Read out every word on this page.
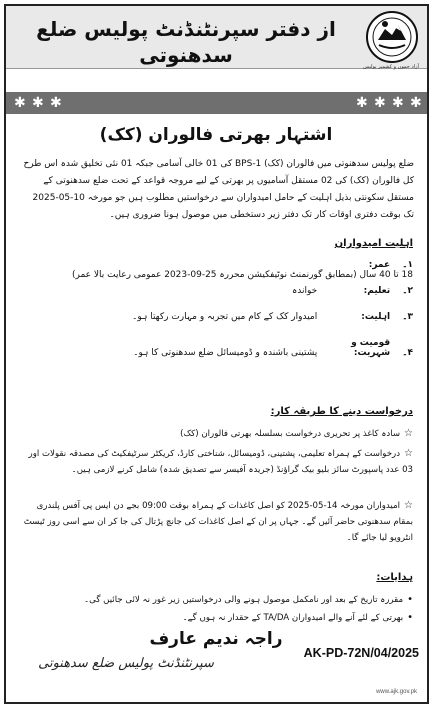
از دفتر سپرنٹنڈنٹ پولیس ضلع سدھنوتی	آزاد جموں و کشمیر پولیس
✱ ✱ ✱	✱ ✱ ✱ ✱
اشتہار بھرتی فالوران (کک)
ضلع پولیس سدھنوتی میں فالوران (کک) BPS-1 کی 01 خالی آسامی جبکہ 01 نئی تخلیق شدہ اس طرح کل فالوران (کک) کی 02 مستقل آسامیوں پر بھرتی کے لیے مروجہ قواعد کے تحت ضلع سدھنوتی کے مستقل سکونتی بذیل اہلیت کے حامل امیدواران سے درخواستیں مطلوب ہیں جو مورخہ 10-05-2025 تک بوقت دفتری اوقات کار تک دفتر زیر دستخطی میں موصول ہونا ضروری ہیں۔
اہلیت امیدواران
۱۔ عمر: 18 تا 40 سال (بمطابق گورنمنٹ نوٹیفکیشن محررہ 25-09-2023 عمومی رعایت بالا عمر)
۲۔ تعلیم: خواندہ
۳۔ اہلیت: امیدوار کک کے کام میں تجربہ و مہارت رکھتا ہو۔
۴۔ قومیت و شہریت: پشتینی باشندہ و ڈومیسائل ضلع سدھنوتی کا ہو۔
درخواست دینے کا طریقہ کار:
☆سادہ کاغذ پر تحریری درخواست بسلسلہ بھرتی فالوران (کک)
☆درخواست کے ہمراہ تعلیمی، پشتینی، ڈومیسائل، شناختی کارڈ، کریکٹر سرٹیفکیٹ کی مصدقہ نقولات اور 03 عدد پاسپورٹ سائز بلیو بیک گراؤنڈ (جریدہ آفیسر سے تصدیق شدہ) شامل کرنے لازمی ہیں۔
☆امیدواران مورخہ 14-05-2025 کو اصل کاغذات کے ہمراہ بوقت 09:00 بجے دن ایس پی آفس پلندری بمقام سدھنوتی حاضر آئیں گے۔ جہاں پر ان کے اصل کاغذات کی جانچ پڑتال کی جا کر ان سے اسی روز ٹیسٹ انٹرویو لیا جائے گا۔
ہدایات:
•مقررہ تاریخ کے بعد اور نامکمل موصول ہونے والی درخواستیں زیر غور نہ لائی جائیں گی۔
•بھرتی کے لئے آنے والے امیدواران TA/DA کے حقدار نہ ہوں گے۔
راجہ ندیم عارف
سپرنٹنڈنٹ پولیس ضلع سدھنوتی
AK-PD-72N/04/2025
www.ajk.gov.pk
